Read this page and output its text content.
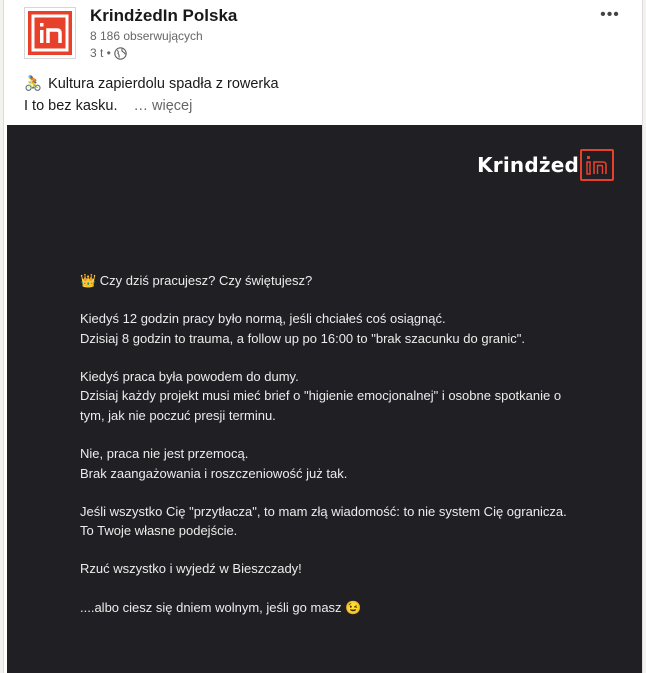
KrindżedIn Polska
8 186 obserwujących
3 t •
•••
🚴 Kultura zapierdolu spadła z rowerka
I to bez kasku. … więcej
Krindżed

👑 Czy dziś pracujesz? Czy świętujesz?

Kiedyś 12 godzin pracy było normą, jeśli chciałeś coś osiągnąć.
Dzisiaj 8 godzin to trauma, a follow up po 16:00 to "brak szacunku do granic".

Kiedyś praca była powodem do dumy.
Dzisiaj każdy projekt musi mieć brief o "higienie emocjonalnej" i osobne spotkanie o
tym, jak nie poczuć presji terminu.

Nie, praca nie jest przemocą.
Brak zaangażowania i roszczeniowość już tak.

Jeśli wszystko Cię "przytłacza", to mam złą wiadomość: to nie system Cię ogranicza.
To Twoje własne podejście.

Rzuć wszystko i wyjedź w Bieszczady!

....albo ciesz się dniem wolnym, jeśli go masz 😉
